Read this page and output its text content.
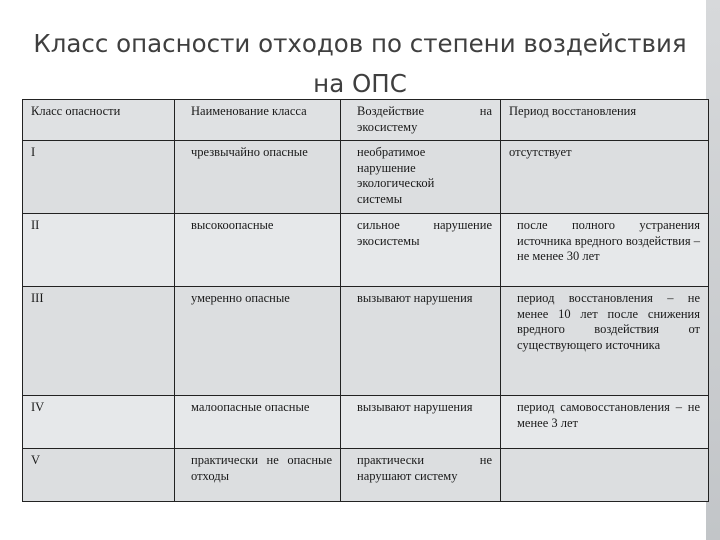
Класс опасности отходов по степени воздействия
на ОПС
Класс опасности	Наименование класса	Воздействие на экосистему	Период восстановления
I	чрезвычайно опасные	необратимое нарушение экологической системы	отсутствует
II	высокоопасные	сильное нарушение экосистемы	после полного устранения источника вредного воздействия – не менее 30 лет
III	умеренно опасные	вызывают нарушения	период восстановления – не менее 10 лет после снижения вредного воздействия от существующего источника
IV	малоопасные опасные	вызывают нарушения	период самовосстановления – не менее 3 лет
V	практически не опасные отходы	практически не нарушают систему	
